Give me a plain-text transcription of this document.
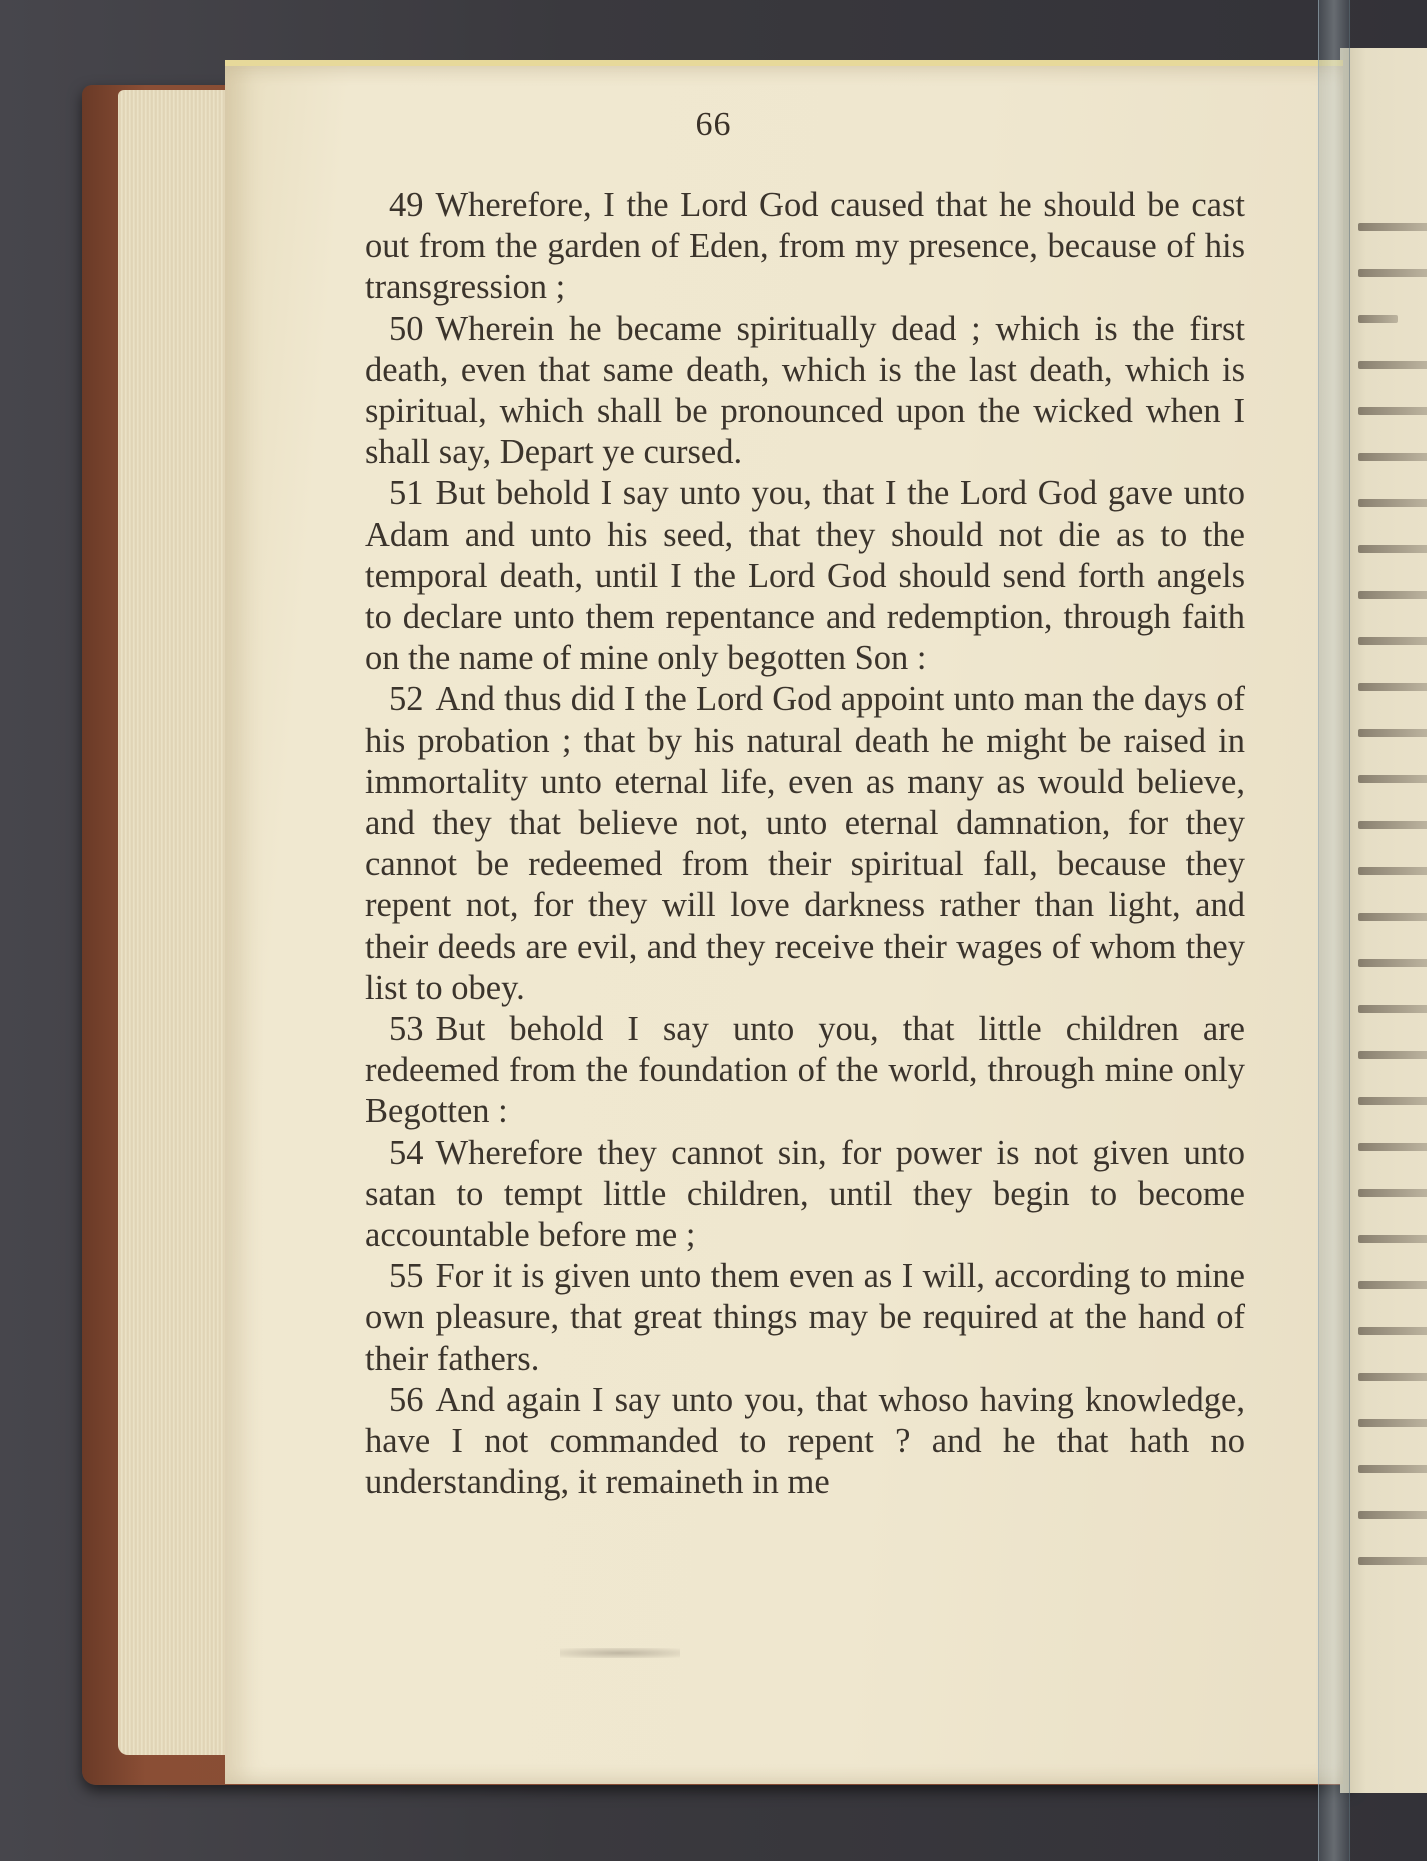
66

49 Wherefore, I the Lord God caused that he should be cast out from the garden of Eden, from my presence, because of his transgression ;

50 Wherein he became spiritually dead ; which is the first death, even that same death, which is the last death, which is spiritual, which shall be pronounced upon the wicked when I shall say, Depart ye cursed.

51 But behold I say unto you, that I the Lord God gave unto Adam and unto his seed, that they should not die as to the temporal death, until I the Lord God should send forth angels to declare unto them repentance and redemption, through faith on the name of mine only begotten Son :

52 And thus did I the Lord God appoint unto man the days of his probation ; that by his natural death he might be raised in immortality unto eternal life, even as many as would believe, and they that believe not, unto eternal damnation, for they cannot be redeemed from their spiritual fall, because they repent not, for they will love darkness rather than light, and their deeds are evil, and they receive their wages of whom they list to obey.

53 But behold I say unto you, that little children are redeemed from the foundation of the world, through mine only Begotten :

54 Wherefore they cannot sin, for power is not given unto satan to tempt little children, until they begin to become accountable before me ;

55 For it is given unto them even as I will, according to mine own pleasure, that great things may be required at the hand of their fathers.

56 And again I say unto you, that whoso having knowledge, have I not commanded to repent ? and he that hath no understanding, it remaineth in me
